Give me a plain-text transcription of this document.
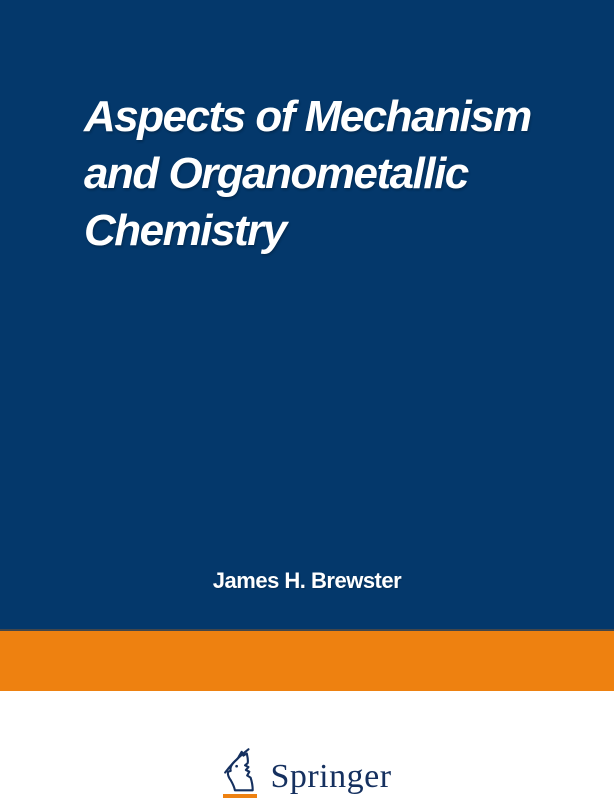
Aspects of Mechanism
and Organometallic
Chemistry
James H. Brewster
Springer
